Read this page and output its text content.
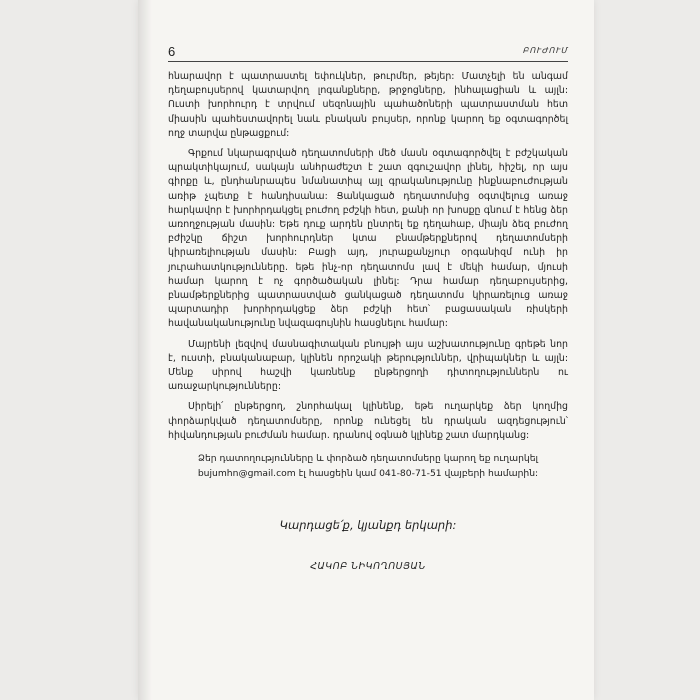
6	ԲՈՒԺՈՒՄ

հնարավոր է պատրաստել եփուկներ, թուրմեր, թեյեր: Մատչելի են անգամ դեղաբույսերով կատարվող լոգանքները, թրջոցները, ինհալացիան և այլն: Ուստի խորհուրդ է տրվում սեզոնային պահածոների պատրաստման հետ միասին պահեստավորել նաև բնական բույսեր, որոնք կարող եք օգտագործել ողջ տարվա ընթացքում:

Գրքում նկարագրված դեղատոմսերի մեծ մասն օգտագործվել է բժշկական պրակտիկայում, սակայն անհրաժեշտ է շատ զգուշավոր լինել, հիշել, որ այս գիրքը և, ընդհանրապես նմանատիպ այլ գրականությունը ինքնաբուժության առիթ չպետք է հանդիսանա: Ցանկացած դեղատոմսից օգտվելուց առաջ հարկավոր է խորհրդակցել բուժող բժշկի հետ, քանի որ խոսքը գնում է հենց ձեր առողջության մասին: Եթե դուք արդեն ընտրել եք դեղահաբ, միայն ձեզ բուժող բժիշկը ճիշտ խորհուրդներ կտա բնամթերքներով դեղատոմսերի կիրառելիության մասին: Բացի այդ, յուրաքանչյուր օրգանիզմ ունի իր յուրահատկությունները. եթե ինչ-որ դեղատոմս լավ է մեկի համար, մյուսի համար կարող է ոչ գործածական լինել: Դրա համար դեղաբույսերից, բնամթերքներից պատրաստված ցանկացած դեղատոմս կիրառելուց առաջ պարտադիր խորհրդակցեք ձեր բժշկի հետ՝ բացասական ռիսկերի հավանականությունը նվազագույնին հասցնելու համար:

Մայրենի լեզվով մասնագիտական բնույթի այս աշխատությունը գրեթե նոր է, ուստի, բնականաբար, կլինեն որոշակի թերություններ, վրիպակներ և այլն: Մենք սիրով հաշվի կառնենք ընթերցողի դիտողություններն ու առաջարկությունները:

Սիրելի՛ ընթերցող, շնորհակալ կլինենք, եթե ուղարկեք ձեր կողմից փորձարկված դեղատոմսերը, որոնք ունեցել են դրական ազդեցություն՝ հիվանդության բուժման համար. դրանով օգնած կլինեք շատ մարդկանց:

Ձեր դատողությունները և փորձած դեղատոմսերը կարող եք ուղարկել
bujumhn@gmail.com էլ հասցեին կամ 041-80-71-51 վայբերի համարին:
Կարդացե՛ք, կյանքդ երկարի:
ՀԱԿՈԲ ՆԻԿՈՂՈՍՅԱՆ
